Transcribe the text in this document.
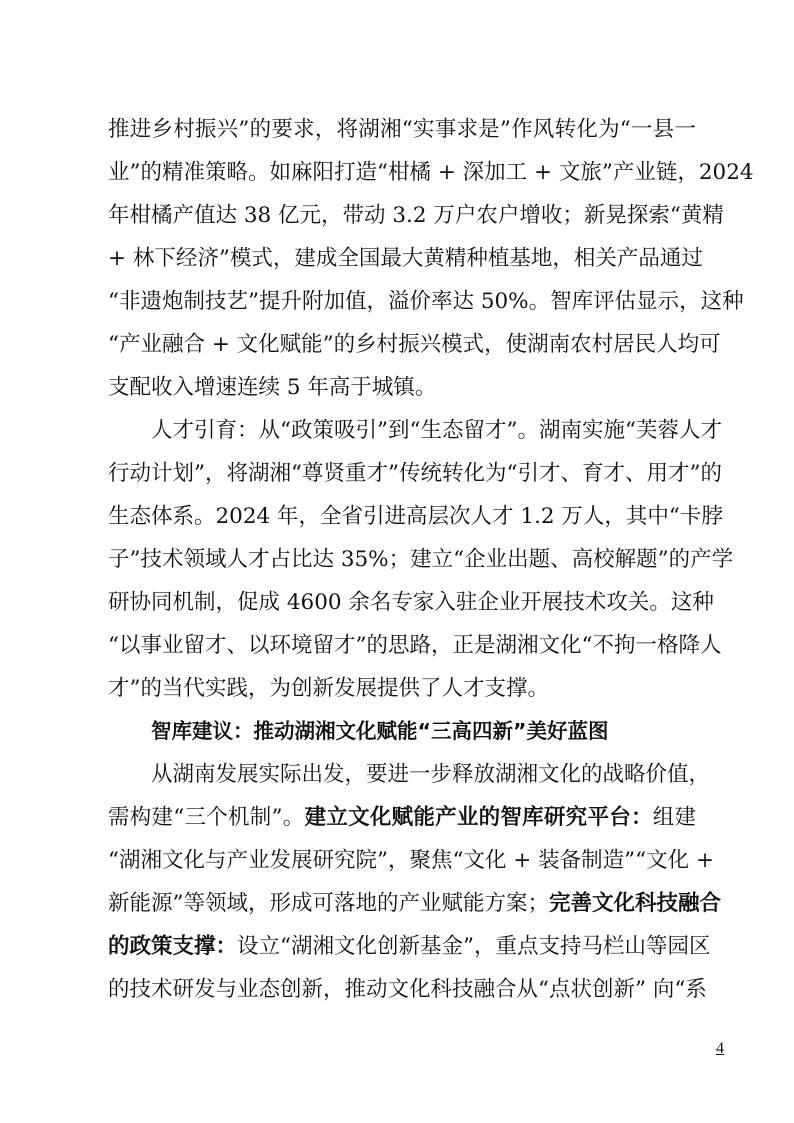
推进乡村振兴”的要求，将湖湘“实事求是”作风转化为“一县一
业”的精准策略。如麻阳打造“柑橘 + 深加工 + 文旅”产业链，2024
年柑橘产值达 38 亿元，带动 3.2 万户农户增收；新晃探索“黄精
+ 林下经济”模式，建成全国最大黄精种植基地，相关产品通过
“非遗炮制技艺”提升附加值，溢价率达 50%。智库评估显示，这种
“产业融合 + 文化赋能”的乡村振兴模式，使湖南农村居民人均可
支配收入增速连续 5 年高于城镇。
人才引育：从“政策吸引”到“生态留才”。湖南实施“芙蓉人才
行动计划”，将湖湘“尊贤重才”传统转化为“引才、育才、用才”的
生态体系。2024 年，全省引进高层次人才 1.2 万人，其中“卡脖
子”技术领域人才占比达 35%；建立“企业出题、高校解题”的产学
研协同机制，促成 4600 余名专家入驻企业开展技术攻关。这种
“以事业留才、以环境留才”的思路，正是湖湘文化“不拘一格降人
才”的当代实践，为创新发展提供了人才支撑。
智库建议：推动湖湘文化赋能“三高四新”美好蓝图
从湖南发展实际出发，要进一步释放湖湘文化的战略价值，
需构建“三个机制”。建立文化赋能产业的智库研究平台：组建
“湖湘文化与产业发展研究院”，聚焦“文化 + 装备制造”“文化 +
新能源”等领域，形成可落地的产业赋能方案；完善文化科技融合
的政策支撑：设立“湖湘文化创新基金”，重点支持马栏山等园区
的技术研发与业态创新，推动文化科技融合从“点状创新” 向“系
4
